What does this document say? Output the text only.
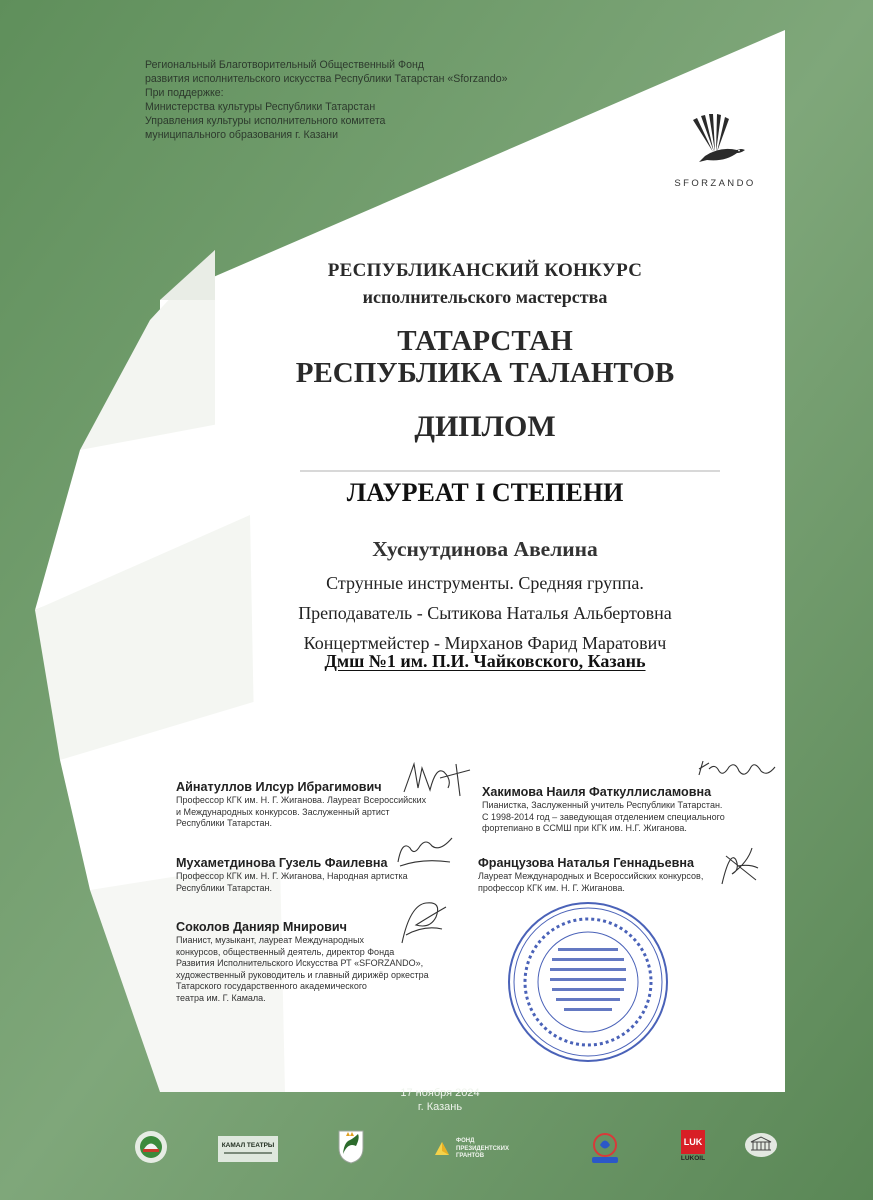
Региональный Благотворительный Общественный Фонд
развития исполнительского искусства Республики Татарстан «Sforzando»
При поддержке:
Министерства культуры Республики Татарстан
Управления культуры исполнительного комитета
муниципального образования г. Казани
SFORZANDO
РЕСПУБЛИКАНСКИЙ КОНКУРС
исполнительского мастерства
ТАТАРСТАН
РЕСПУБЛИКА ТАЛАНТОВ
ДИПЛОМ
ЛАУРЕАТ I СТЕПЕНИ
Хуснутдинова Авелина
Струнные инструменты. Средняя группа.
Преподаватель - Сытикова Наталья Альбертовна
Концертмейстер - Мирханов Фарид Маратович
Дмш №1 им. П.И. Чайковского, Казань
Айнатуллов Илсур Ибрагимович
Профессор КГК им. Н. Г. Жиганова. Лауреат Всероссийских
и Международных конкурсов. Заслуженный артист
Республики Татарстан.
Мухаметдинова Гузель Фаилевна
Профессор КГК им. Н. Г. Жиганова, Народная артистка
Республики Татарстан.
Соколов Данияр Мнирович
Пианист, музыкант, лауреат Международных
конкурсов, общественный деятель, директор Фонда
Развития Исполнительского Искусства РТ «SFORZANDO»,
художественный руководитель и главный дирижёр оркестра
Татарского государственного академического
театра им. Г. Камала.
Хакимова Наиля Фаткуллисламовна
Пианистка, Заслуженный учитель Республики Татарстан.
С 1998-2014 год – заведующая отделением специального
фортепиано в ССМШ при КГК им. Н.Г. Жиганова.
Французова Наталья Геннадьевна
Лауреат Международных и Всероссийских конкурсов,
профессор КГК им. Н. Г. Жиганова.
17 ноября 2024
г. Казань
КАМАЛ ТЕАТРЫ
ФОНД
ПРЕЗИДЕНТСКИХ
ГРАНТОВ
LUK
LUKOIL
